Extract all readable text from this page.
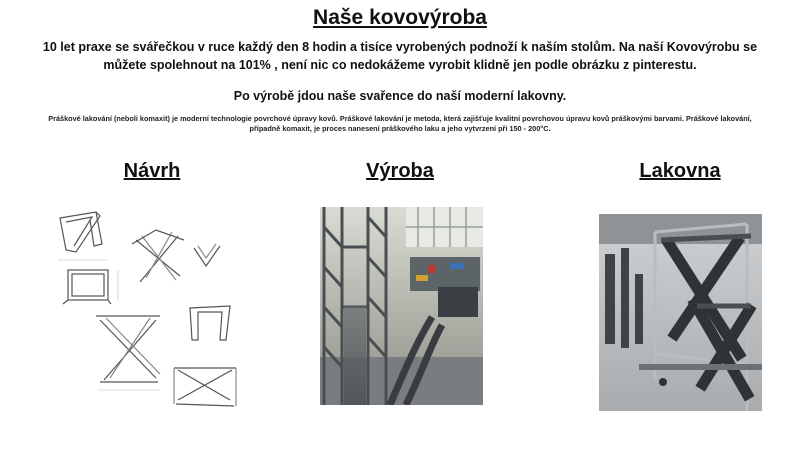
Naše kovovýroba
10 let praxe se svářečkou v ruce každý den 8 hodin a tisíce vyrobených podnoží k naším stolům. Na naší Kovovýrobu se můžete spolehnout na 101% , není nic co nedokážeme vyrobit klidně jen podle obrázku z pinterestu.
Po výrobě jdou naše svařence do naší moderní lakovny.
Práškové lakování (neboli komaxit) je moderní technologie povrchové úpravy kovů. Práškové lakování je metoda, která zajišťuje kvalitní povrchovou úpravu kovů práškovými barvami. Práškové lakování, případně komaxit, je proces nanesení práškového laku a jeho vytvrzení při 150 - 200°C.
Návrh	Výroba	Lakovna
